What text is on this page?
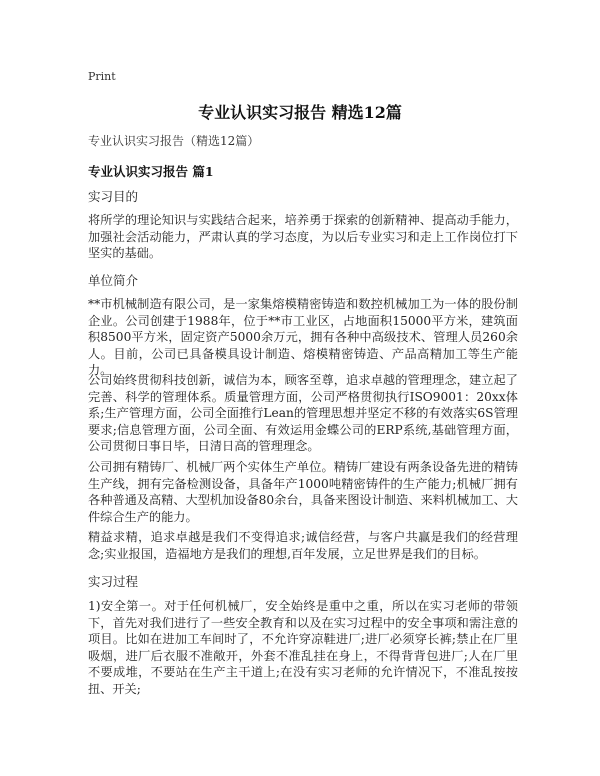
Print
专业认识实习报告 精选12篇
专业认识实习报告（精选12篇）
专业认识实习报告 篇1
实习目的

将所学的理论知识与实践结合起来，培养勇于探索的创新精神、提高动手能力，加强社会活动能力，严肃认真的学习态度，为以后专业实习和走上工作岗位打下坚实的基础。

单位简介

**市机械制造有限公司，是一家集熔模精密铸造和数控机械加工为一体的股份制企业。公司创建于1988年，位于**市工业区，占地面积15000平方米，建筑面积8500平方米，固定资产5000余万元，拥有各种中高级技术、管理人员260余人。目前，公司已具备模具设计制造、熔模精密铸造、产品高精加工等生产能力。

公司始终贯彻科技创新，诚信为本，顾客至尊，追求卓越的管理理念，建立起了完善、科学的管理体系。质量管理方面，公司严格贯彻执行ISO9001：20xx体系;生产管理方面，公司全面推行Lean的管理思想并坚定不移的有效落实6S管理要求;信息管理方面，公司全面、有效运用金蝶公司的ERP系统,基础管理方面，公司贯彻日事日毕，日清日高的管理理念。

公司拥有精铸厂、机械厂两个实体生产单位。精铸厂建设有两条设备先进的精铸生产线，拥有完备检测设备，具备年产1000吨精密铸件的生产能力;机械厂拥有各种普通及高精、大型机加设备80余台，具备来图设计制造、来料机械加工、大件综合生产的能力。

精益求精，追求卓越是我们不变得追求;诚信经营，与客户共赢是我们的经营理念;实业报国，造福地方是我们的理想,百年发展，立足世界是我们的目标。

实习过程

1)安全第一。对于任何机械厂，安全始终是重中之重，所以在实习老师的带领下，首先对我们进行了一些安全教育和以及在实习过程中的安全事项和需注意的项目。比如在进加工车间时了，不允许穿凉鞋进厂;进厂必须穿长裤;禁止在厂里吸烟，进厂后衣服不准敞开，外套不准乱挂在身上，不得背背包进厂;人在厂里不要成堆，不要站在生产主干道上;在没有实习老师的允许情况下，不准乱按按扭、开关;
